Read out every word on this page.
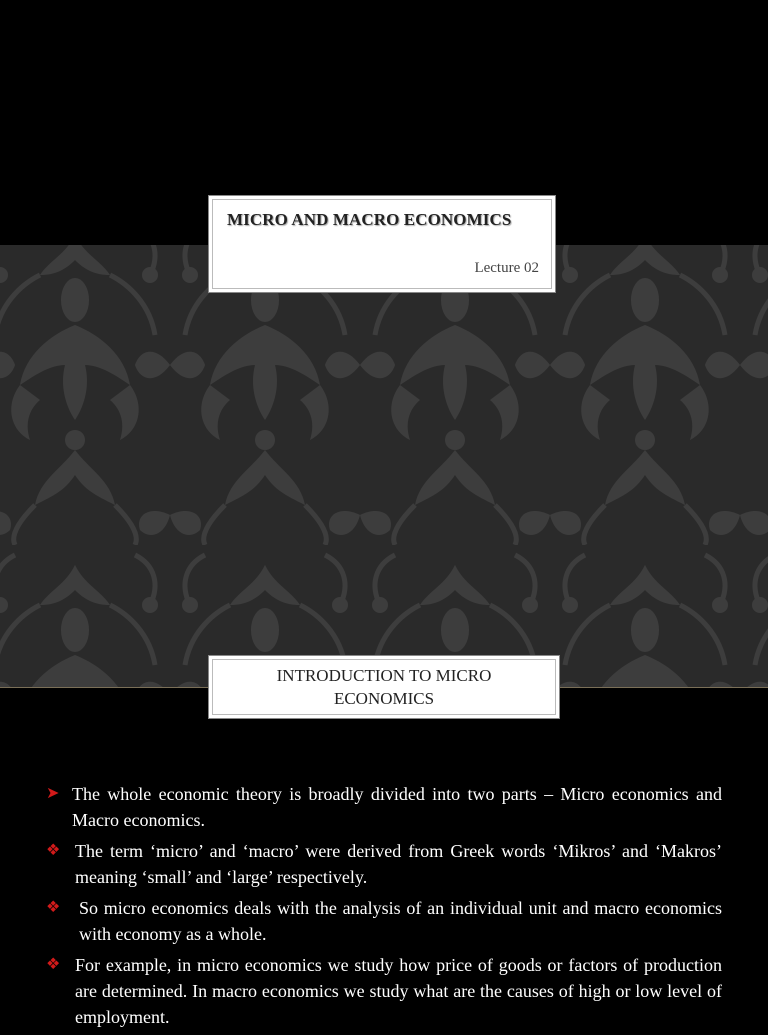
MICRO AND MACRO ECONOMICS
Lecture 02
INTRODUCTION TO MICRO ECONOMICS
➤ The whole economic theory is broadly divided into two parts – Micro economics and Macro economics.
❖ The term ‘micro’ and ‘macro’ were derived from Greek words ‘Mikros’ and ‘Makros’ meaning ‘small’ and ‘large’ respectively.
❖ So micro economics deals with the analysis of an individual unit and macro economics with economy as a whole.
❖ For example, in micro economics we study how price of goods or factors of production are determined. In macro economics we study what are the causes of high or low level of employment.
